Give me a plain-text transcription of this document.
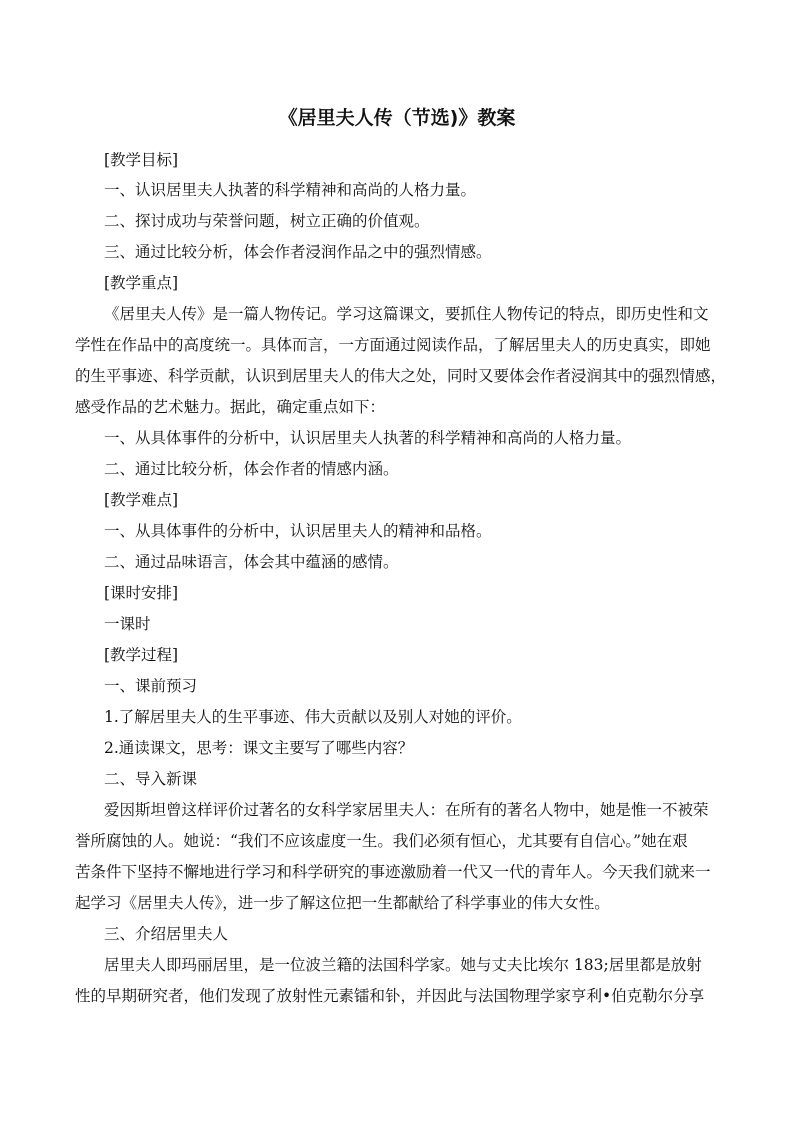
《居里夫人传（节选)》教案
[教学目标]
一、认识居里夫人执著的科学精神和高尚的人格力量。
二、探讨成功与荣誉问题，树立正确的价值观。
三、通过比较分析，体会作者浸润作品之中的强烈情感。
[教学重点]
《居里夫人传》是一篇人物传记。学习这篇课文，要抓住人物传记的特点，即历史性和文
学性在作品中的高度统一。具体而言，一方面通过阅读作品，了解居里夫人的历史真实，即她
的生平事迹、科学贡献，认识到居里夫人的伟大之处，同时又要体会作者浸润其中的强烈情感，
感受作品的艺术魅力。据此，确定重点如下：
一、从具体事件的分析中，认识居里夫人执著的科学精神和高尚的人格力量。
二、通过比较分析，体会作者的情感内涵。
[教学难点]
一、从具体事件的分析中，认识居里夫人的精神和品格。
二、通过品味语言，体会其中蕴涵的感情。
[课时安排]
一课时
[教学过程]
一、课前预习
1.了解居里夫人的生平事迹、伟大贡献以及别人对她的评价。
2.通读课文，思考：课文主要写了哪些内容？
二、导入新课
爱因斯坦曾这样评价过著名的女科学家居里夫人：在所有的著名人物中，她是惟一不被荣
誉所腐蚀的人。她说：“我们不应该虚度一生。我们必须有恒心，尤其要有自信心。”她在艰
苦条件下坚持不懈地进行学习和科学研究的事迹激励着一代又一代的青年人。今天我们就来一
起学习《居里夫人传》，进一步了解这位把一生都献给了科学事业的伟大女性。
三、介绍居里夫人
居里夫人即玛丽居里，是一位波兰籍的法国科学家。她与丈夫比埃尔 183;居里都是放射
性的早期研究者，他们发现了放射性元素镭和钋，并因此与法国物理学家亨利•伯克勒尔分享
